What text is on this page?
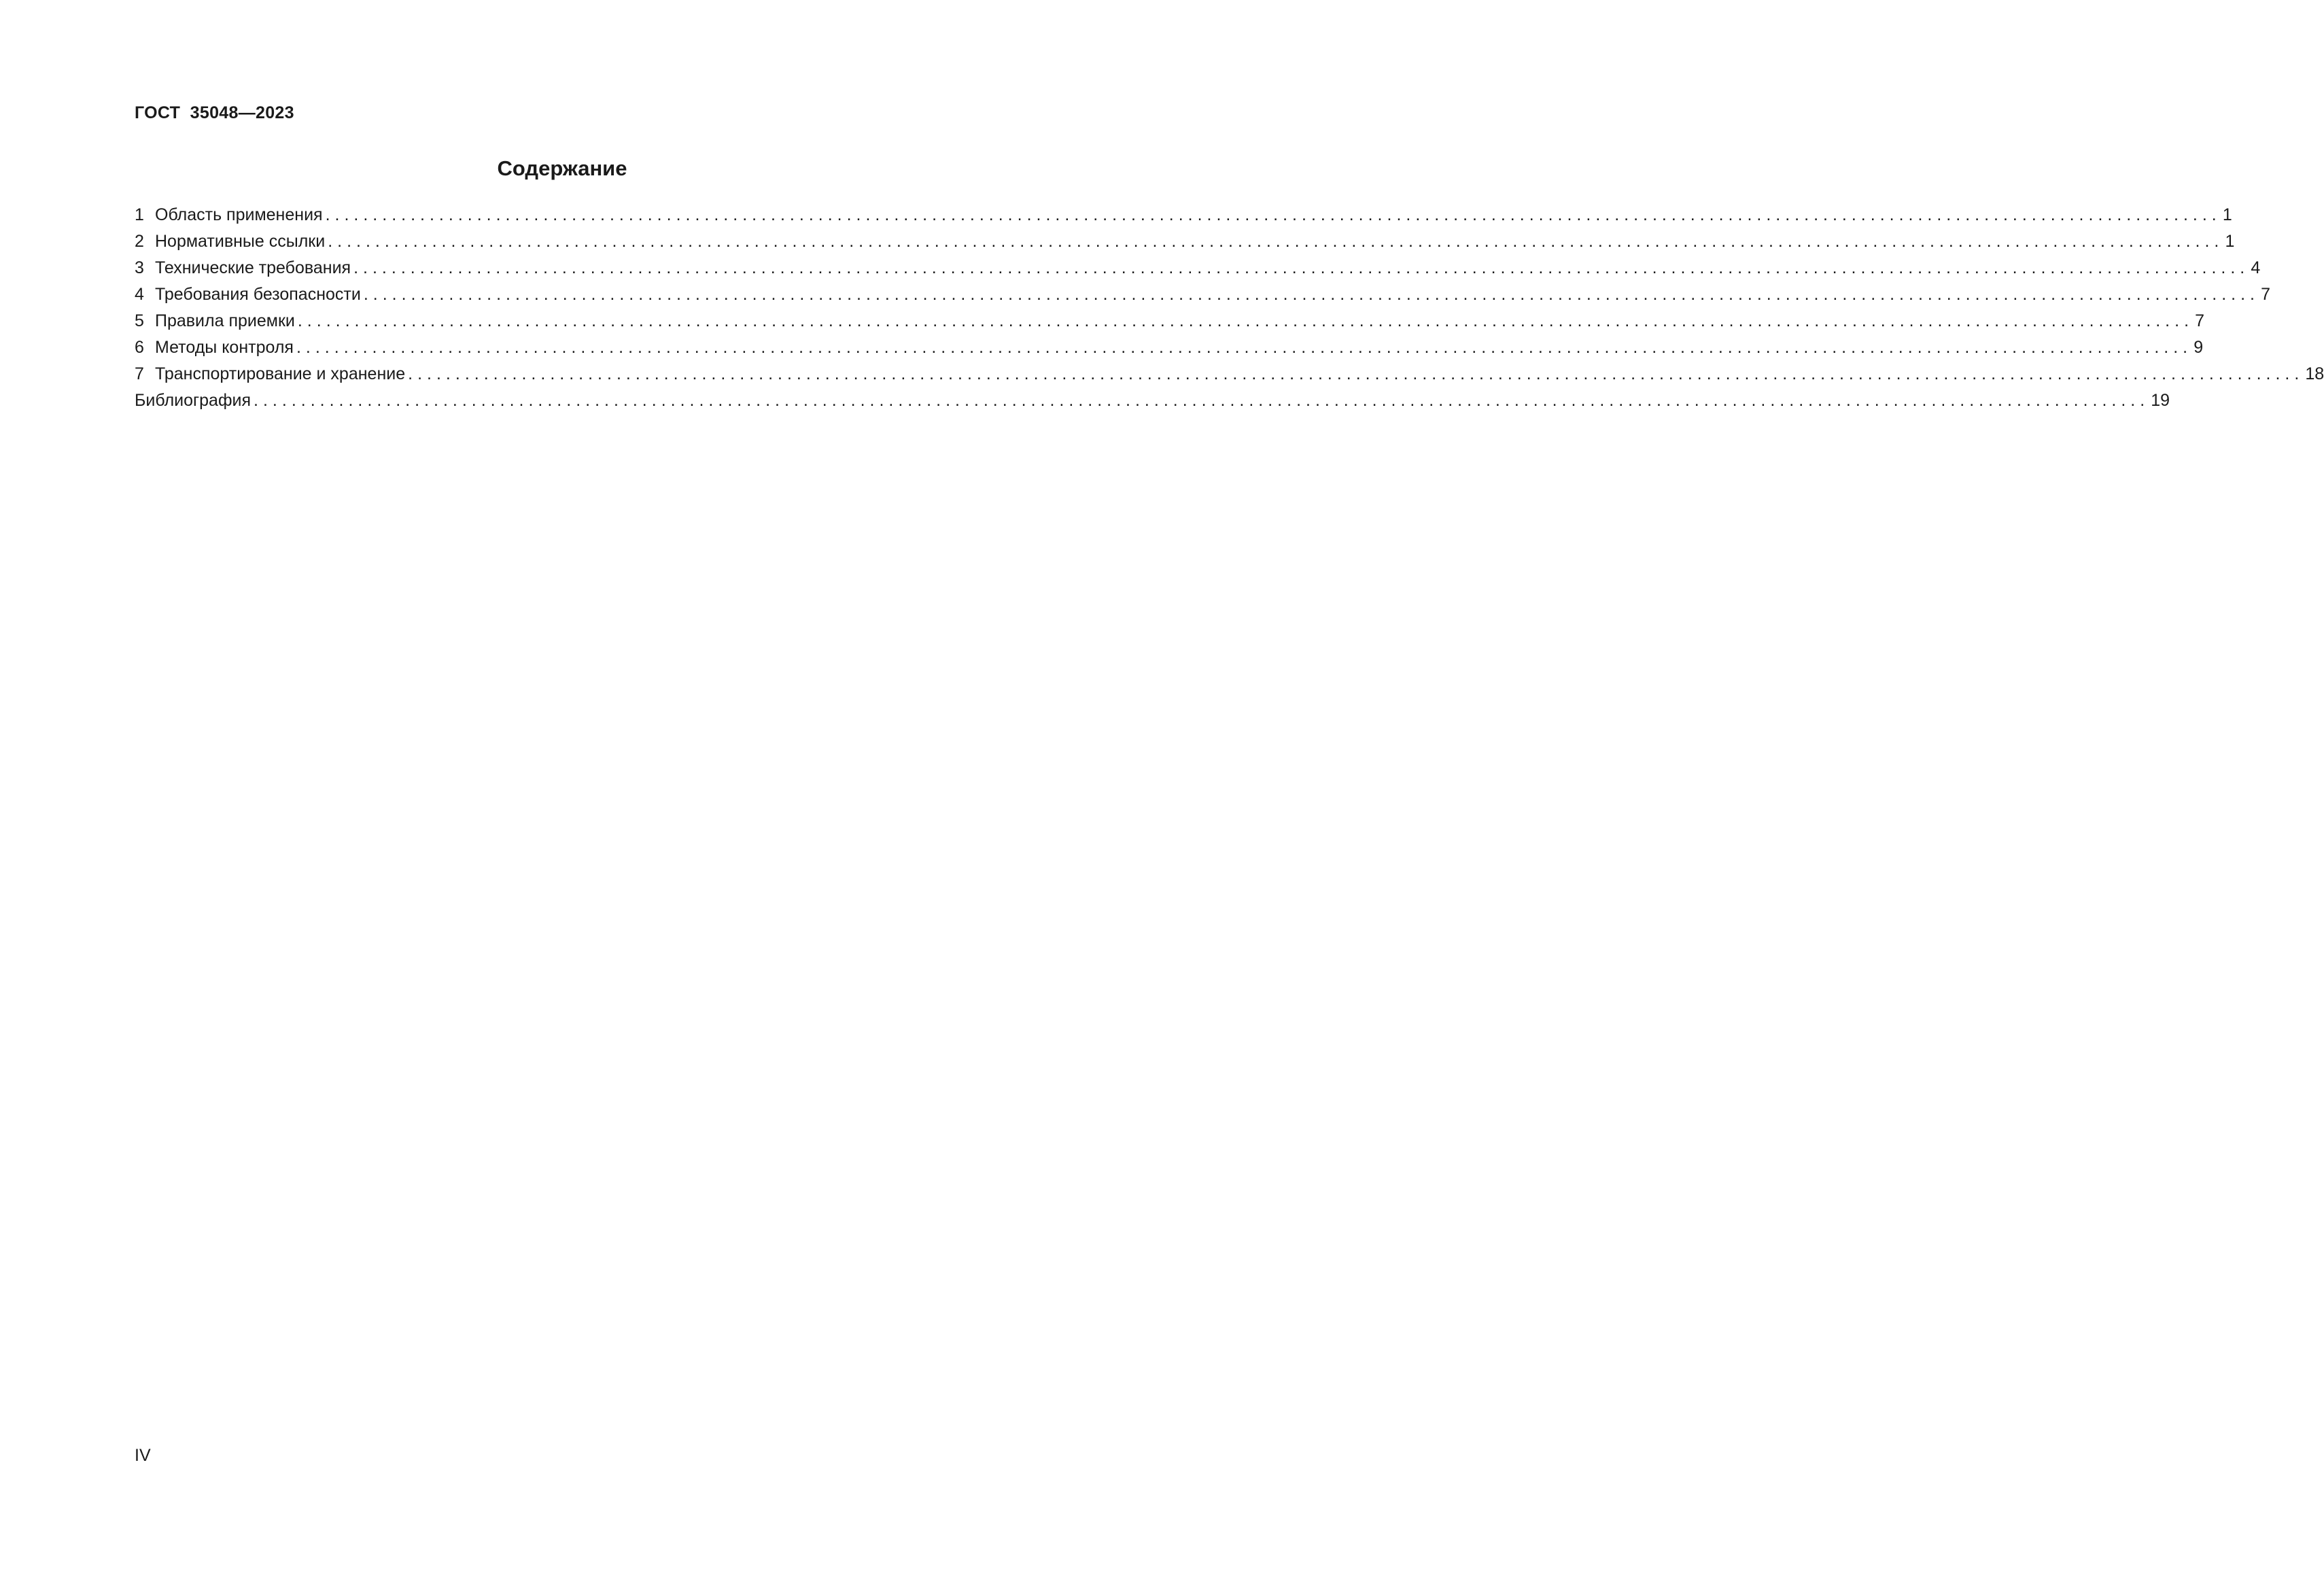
ГОСТ  35048—2023
Содержание
1 Область применения ........................................................................................................................................................................................................ 1
2 Нормативные ссылки ........................................................................................................................................................................................................ 1
3 Технические требования ........................................................................................................................................................................................................ 4
4 Требования безопасности ........................................................................................................................................................................................................ 7
5 Правила приемки ........................................................................................................................................................................................................ 7
6 Методы контроля ........................................................................................................................................................................................................ 9
7 Транспортирование и хранение ........................................................................................................................................................................................................ 18
Библиография ........................................................................................................................................................................................................ 19
IV
